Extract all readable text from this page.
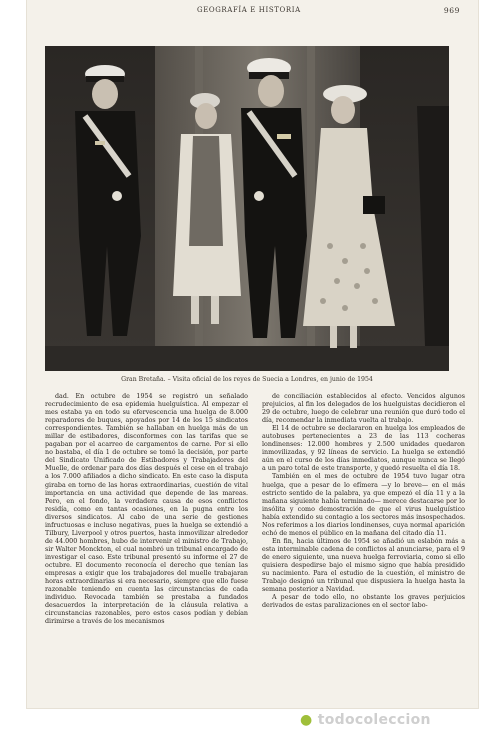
GEOGRAFÍA E HISTORIA	969
Gran Bretaña. – Visita oficial de los reyes de Suecia a Londres, en junio de 1954

dad. En octubre de 1954 se registró un señalado recrudecimiento de esa epidemia huelguística. Al empezar el mes estaba ya en todo su efervescencia una huelga de 8.000 reparadores de buques, apoyados por 14 de los 15 sindicatos correspondientes. También se hallaban en huelga más de un millar de estibadores, disconformes con las tarifas que se pagaban por el acarreo de cargamentos de carne. Por si ello no bastaba, el día 1 de octubre se tomó la decisión, por parte del Sindicato Unificado de Estibadores y Trabajadores del Muelle, de ordenar para dos días después el cese en el trabajo a los 7.000 afiliados a dicho sindicato. En este caso la disputa giraba en torno de las horas extraordinarias, cuestión de vital importancia en una actividad que depende de las mareas. Pero, en el fondo, la verdadera causa de esos conflictos residía, como en tantas ocasiones, en la pugna entre los diversos sindicatos. Al cabo de una serie de gestiones infructuosas e incluso negativas, pues la huelga se extendió a Tilbury, Liverpool y otros puertos, hasta inmovilizar alrededor de 44.000 hombres, hubo de intervenir el ministro de Trabajo, sir Walter Monckton, el cual nombró un tribunal encargado de investigar el caso. Este tribunal presentó su informe el 27 de octubre. El documento reconocía el derecho que tenían las empresas a exigir que los trabajadores del muelle trabajaran horas extraordinarias si era necesario, siempre que ello fuese razonable teniendo en cuenta las circunstancias de cada individuo. Revocada también se prestaba a fundados desacuerdos la interpretación de la cláusula relativa a circunstancias razonables, pero estos casos podían y debían dirimirse a través de los mecanismos

de conciliación establecidos al efecto. Vencidos algunos prejuicios, al fin los delegados de los huelguistas decidieron el 29 de octubre, luego de celebrar una reunión que duró todo el día, recomendar la inmediata vuelta al trabajo.

El 14 de octubre se declararon en huelga los empleados de autobuses pertenecientes a 23 de las 113 cocheras londinenses: 12.000 hombres y 2.500 unidades quedaron inmovilizadas, y 92 líneas de servicio. La huelga se extendió aún en el curso de los días inmediatos, aunque nunca se llegó a un paro total de este transporte, y quedó resuelta el día 18.

También en el mes de octubre de 1954 tuvo lugar otra huelga, que a pesar de lo efímera —y lo breve— en el más estricto sentido de la palabra, ya que empezó el día 11 y a la mañana siguiente había terminado— merece destacarse por lo insólita y como demostración de que el virus huelguístico había extendido su contagio a los sectores más insospechados. Nos referimos a los diarios londinenses, cuya normal aparición echó de menos el público en la mañana del citado día 11.

En fin, hacia últimos de 1954 se añadió un eslabón más a esta interminable cadena de conflictos al anunciarse, para el 9 de enero siguiente, una nueva huelga ferroviaria, como si ello quisiera despedirse bajo el mismo signo que había presidido su nacimiento. Para el estudio de la cuestión, el ministro de Trabajo designó un tribunal que dispusiera la huelga hasta la semana posterior a Navidad.

A pesar de todo ello, no obstante los graves perjuicios derivados de estas paralizaciones en el sector labo-

● todocoleccion
